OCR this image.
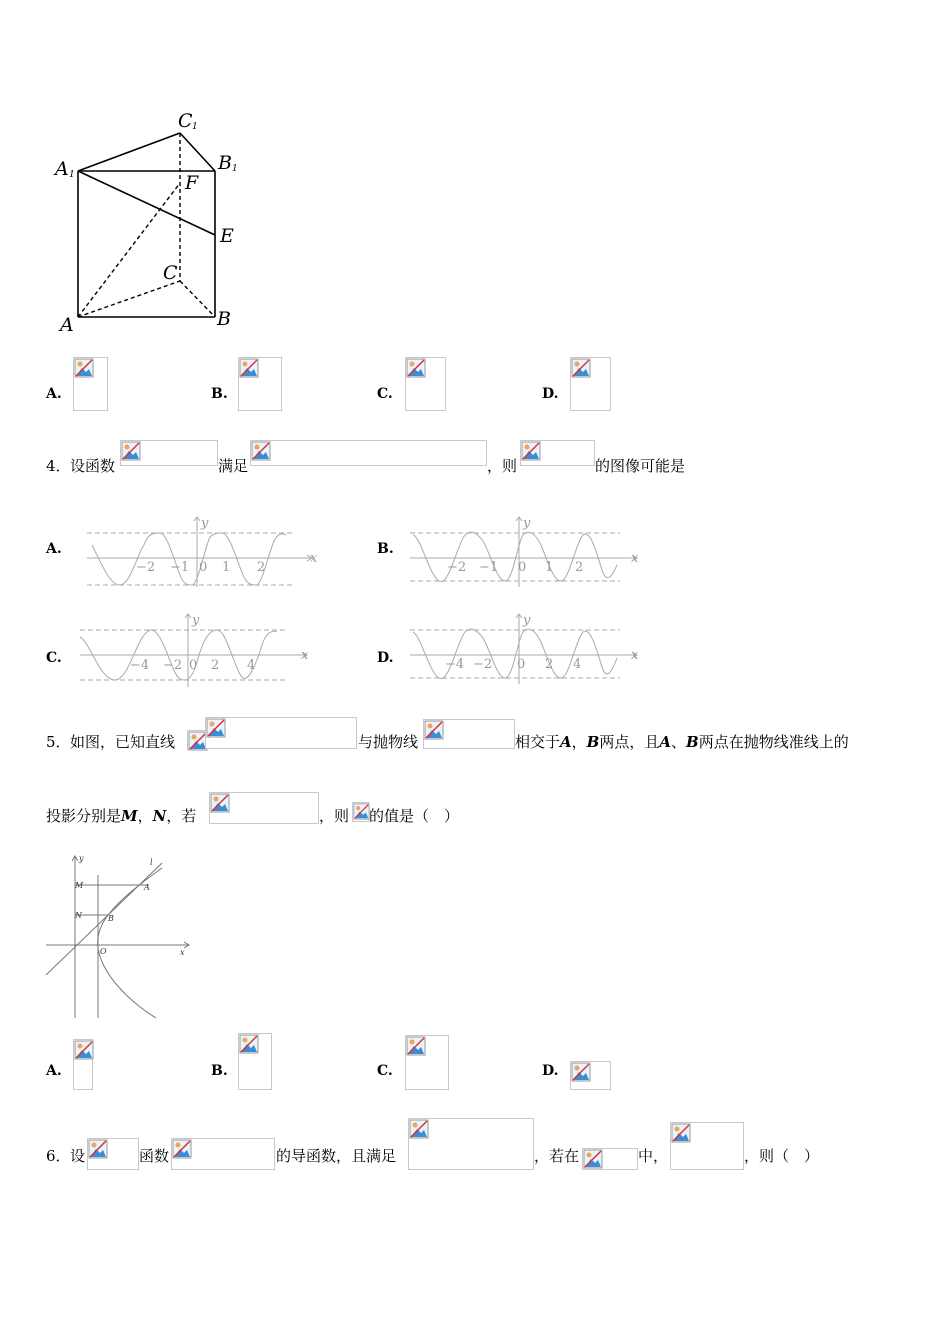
C 1
A 1
B 1
F
E
C
A	B
A.	B.	C.	D.
4． 设函数	满足	，则	的图像可能是
A.	B.
C.	D.
−2 −1 0 1 2
x
y
−2 −1 0 1 2
x
y
−4 −2 0 2 4
x
y
−4 −2 0 2 4
x
y
5． 如图，已知直线	与抛物线	相交于A，B两点，且A、B两点在抛物线准线上的
投影分别是M，N，若	，则 的值是（　）
y
x
M
N
A
B
O
l
A.	B.	C.	D.
6． 设	函数	的导函数，且满足	，若在	中，	，则（　）
